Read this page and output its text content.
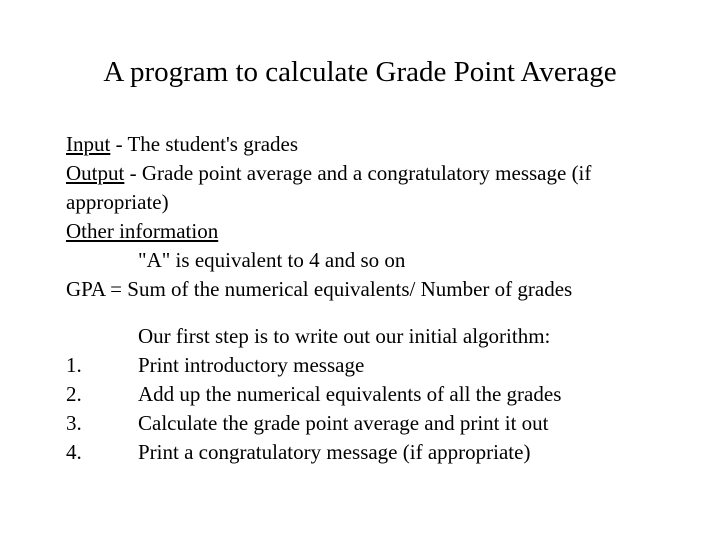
A program to calculate Grade Point Average
Input - The student's grades
Output - Grade point average and a congratulatory message (if
appropriate)
Other information
"A" is equivalent to 4 and so on
GPA = Sum of the numerical equivalents/ Number of grades
Our first step is to write out our initial algorithm:
1.	Print introductory message
2.	Add up the numerical equivalents of all the grades
3.	Calculate the grade point average and print it out
4.	Print a congratulatory message (if appropriate)
